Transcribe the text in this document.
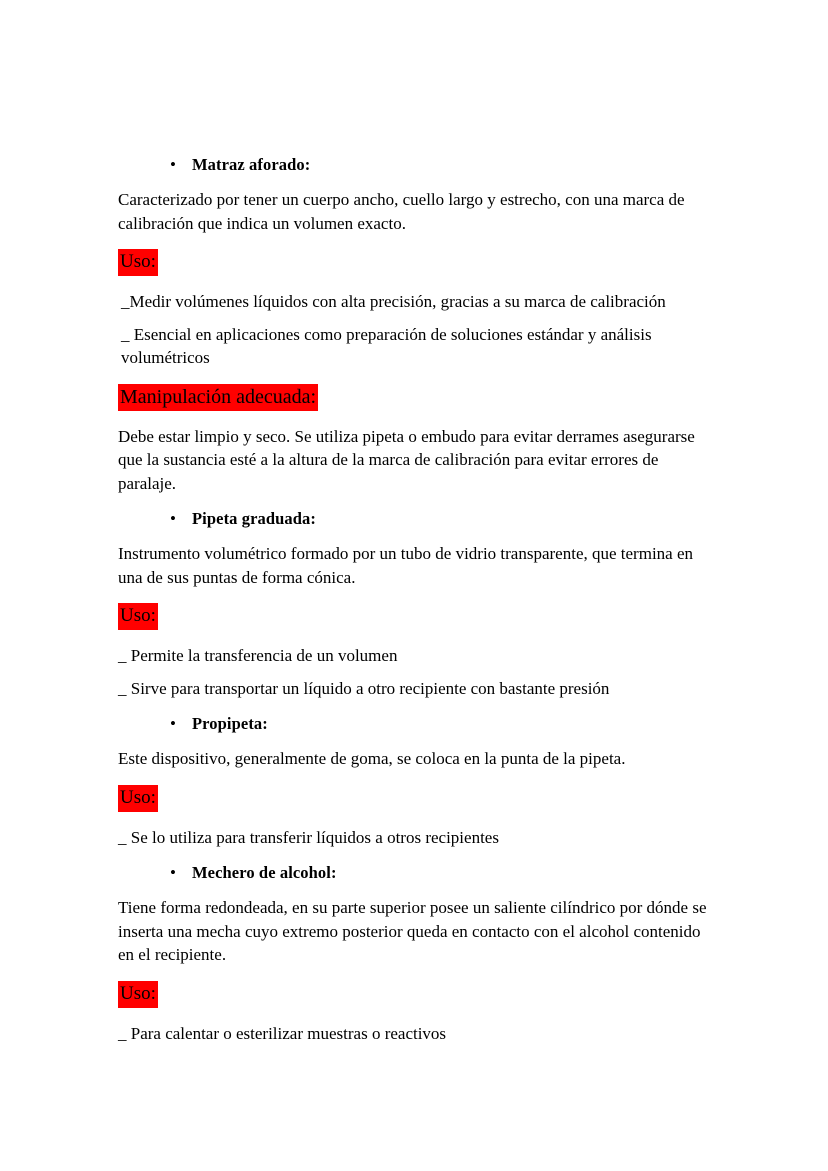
• Matraz aforado:

Caracterizado por tener un cuerpo ancho, cuello largo y estrecho, con una marca de calibración que indica un volumen exacto.

Uso:

_Medir volúmenes líquidos con alta precisión, gracias a su marca de calibración

_ Esencial en aplicaciones como preparación de soluciones estándar y análisis volumétricos

Manipulación adecuada:

Debe estar limpio y seco. Se utiliza pipeta o embudo para evitar derrames asegurarse que la sustancia esté a la altura de la marca de calibración para evitar errores de paralaje.

• Pipeta graduada:

Instrumento volumétrico formado por un tubo de vidrio transparente, que termina en una de sus puntas de forma cónica.

Uso:

_ Permite la transferencia de un volumen

_ Sirve para transportar un líquido a otro recipiente con bastante presión

• Propipeta:

Este dispositivo, generalmente de goma, se coloca en la punta de la pipeta.

Uso:

_ Se lo utiliza para transferir líquidos a otros recipientes

• Mechero de alcohol:

Tiene forma redondeada, en su parte superior posee un saliente cilíndrico por dónde se inserta una mecha cuyo extremo posterior queda en contacto con el alcohol contenido en el recipiente.

Uso:

_ Para calentar o esterilizar muestras o reactivos
